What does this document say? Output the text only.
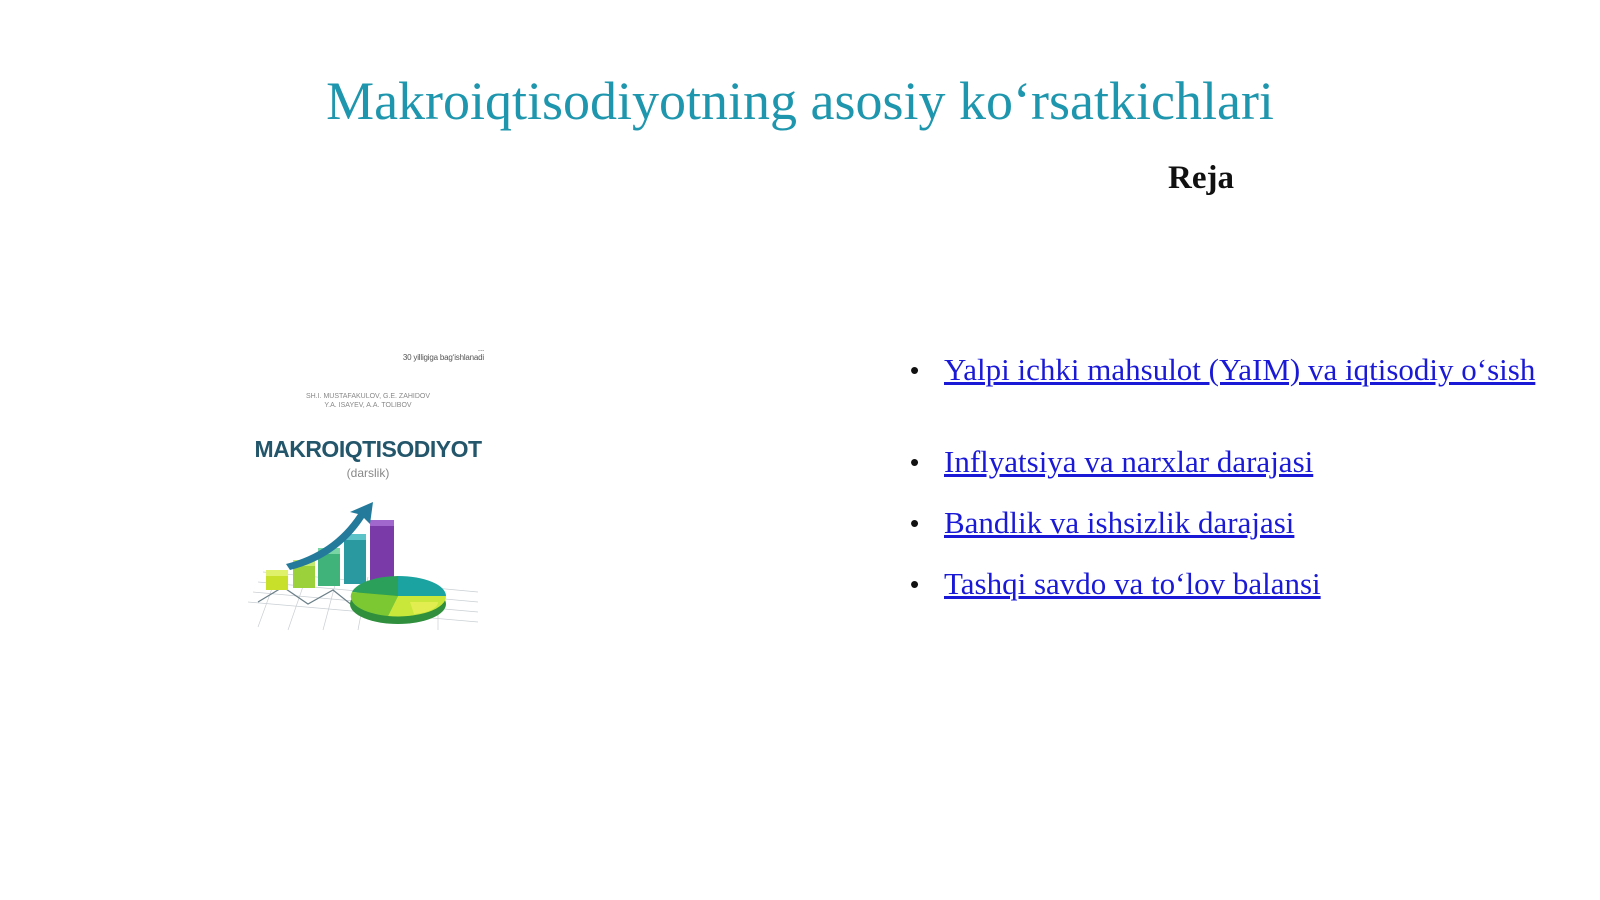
Makroiqtisodiyotning asosiy ko‘rsatkichlari
Reja
...
30 yilligiga bag‘ishlanadi
SH.I. MUSTAFAKULOV, G.E. ZAHIDOV
Y.A. ISAYEV, A.A. TOLIBOV
MAKROIQTISODIYOT
(darslik)
• Yalpi ichki mahsulot (YaIM) va iqtisodiy o‘sish
• Inflyatsiya va narxlar darajasi
• Bandlik va ishsizlik darajasi
• Tashqi savdo va to‘lov balansi
